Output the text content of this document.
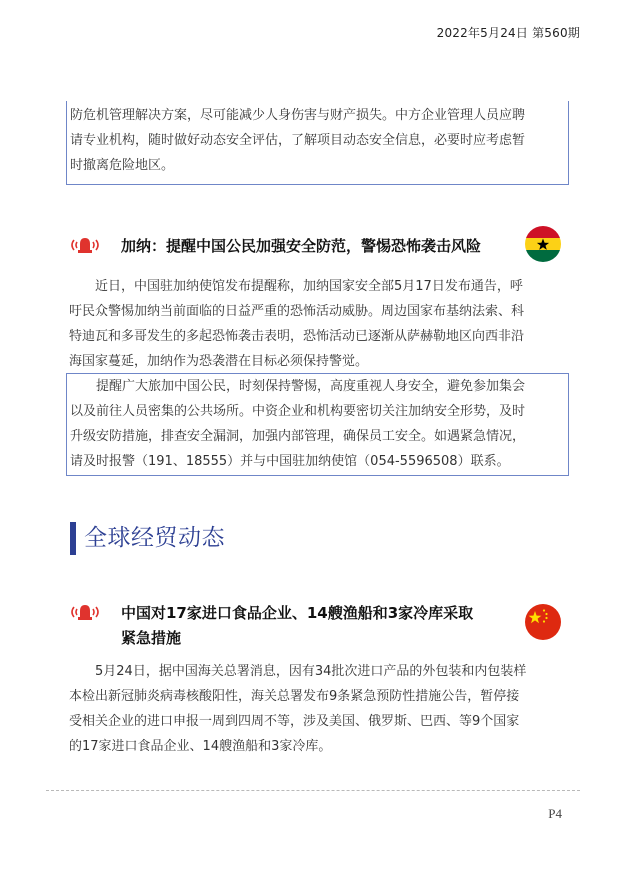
2022年5月24日 第560期

防危机管理解决方案，尽可能减少人身伤害与财产损失。中方企业管理人员应聘

请专业机构，随时做好动态安全评估，了解项目动态安全信息，必要时应考虑暂

时撤离危险地区。

加纳：提醒中国公民加强安全防范，警惕恐怖袭击风险

近日，中国驻加纳使馆发布提醒称，加纳国家安全部5月17日发布通告，呼

吁民众警惕加纳当前面临的日益严重的恐怖活动威胁。周边国家布基纳法索、科

特迪瓦和多哥发生的多起恐怖袭击表明，恐怖活动已逐渐从萨赫勒地区向西非沿

海国家蔓延，加纳作为恐袭潜在目标必须保持警觉。

提醒广大旅加中国公民，时刻保持警惕，高度重视人身安全，避免参加集会

以及前往人员密集的公共场所。中资企业和机构要密切关注加纳安全形势，及时

升级安防措施，排查安全漏洞，加强内部管理，确保员工安全。如遇紧急情况，

请及时报警（191、18555）并与中国驻加纳使馆（054-5596508）联系。

全球经贸动态
中国对17家进口食品企业、14艘渔船和3家冷库采取
紧急措施

5月24日，据中国海关总署消息，因有34批次进口产品的外包装和内包装样

本检出新冠肺炎病毒核酸阳性，海关总署发布9条紧急预防性措施公告，暂停接

受相关企业的进口申报一周到四周不等，涉及美国、俄罗斯、巴西、等9个国家

的17家进口食品企业、14艘渔船和3家冷库。

P4
